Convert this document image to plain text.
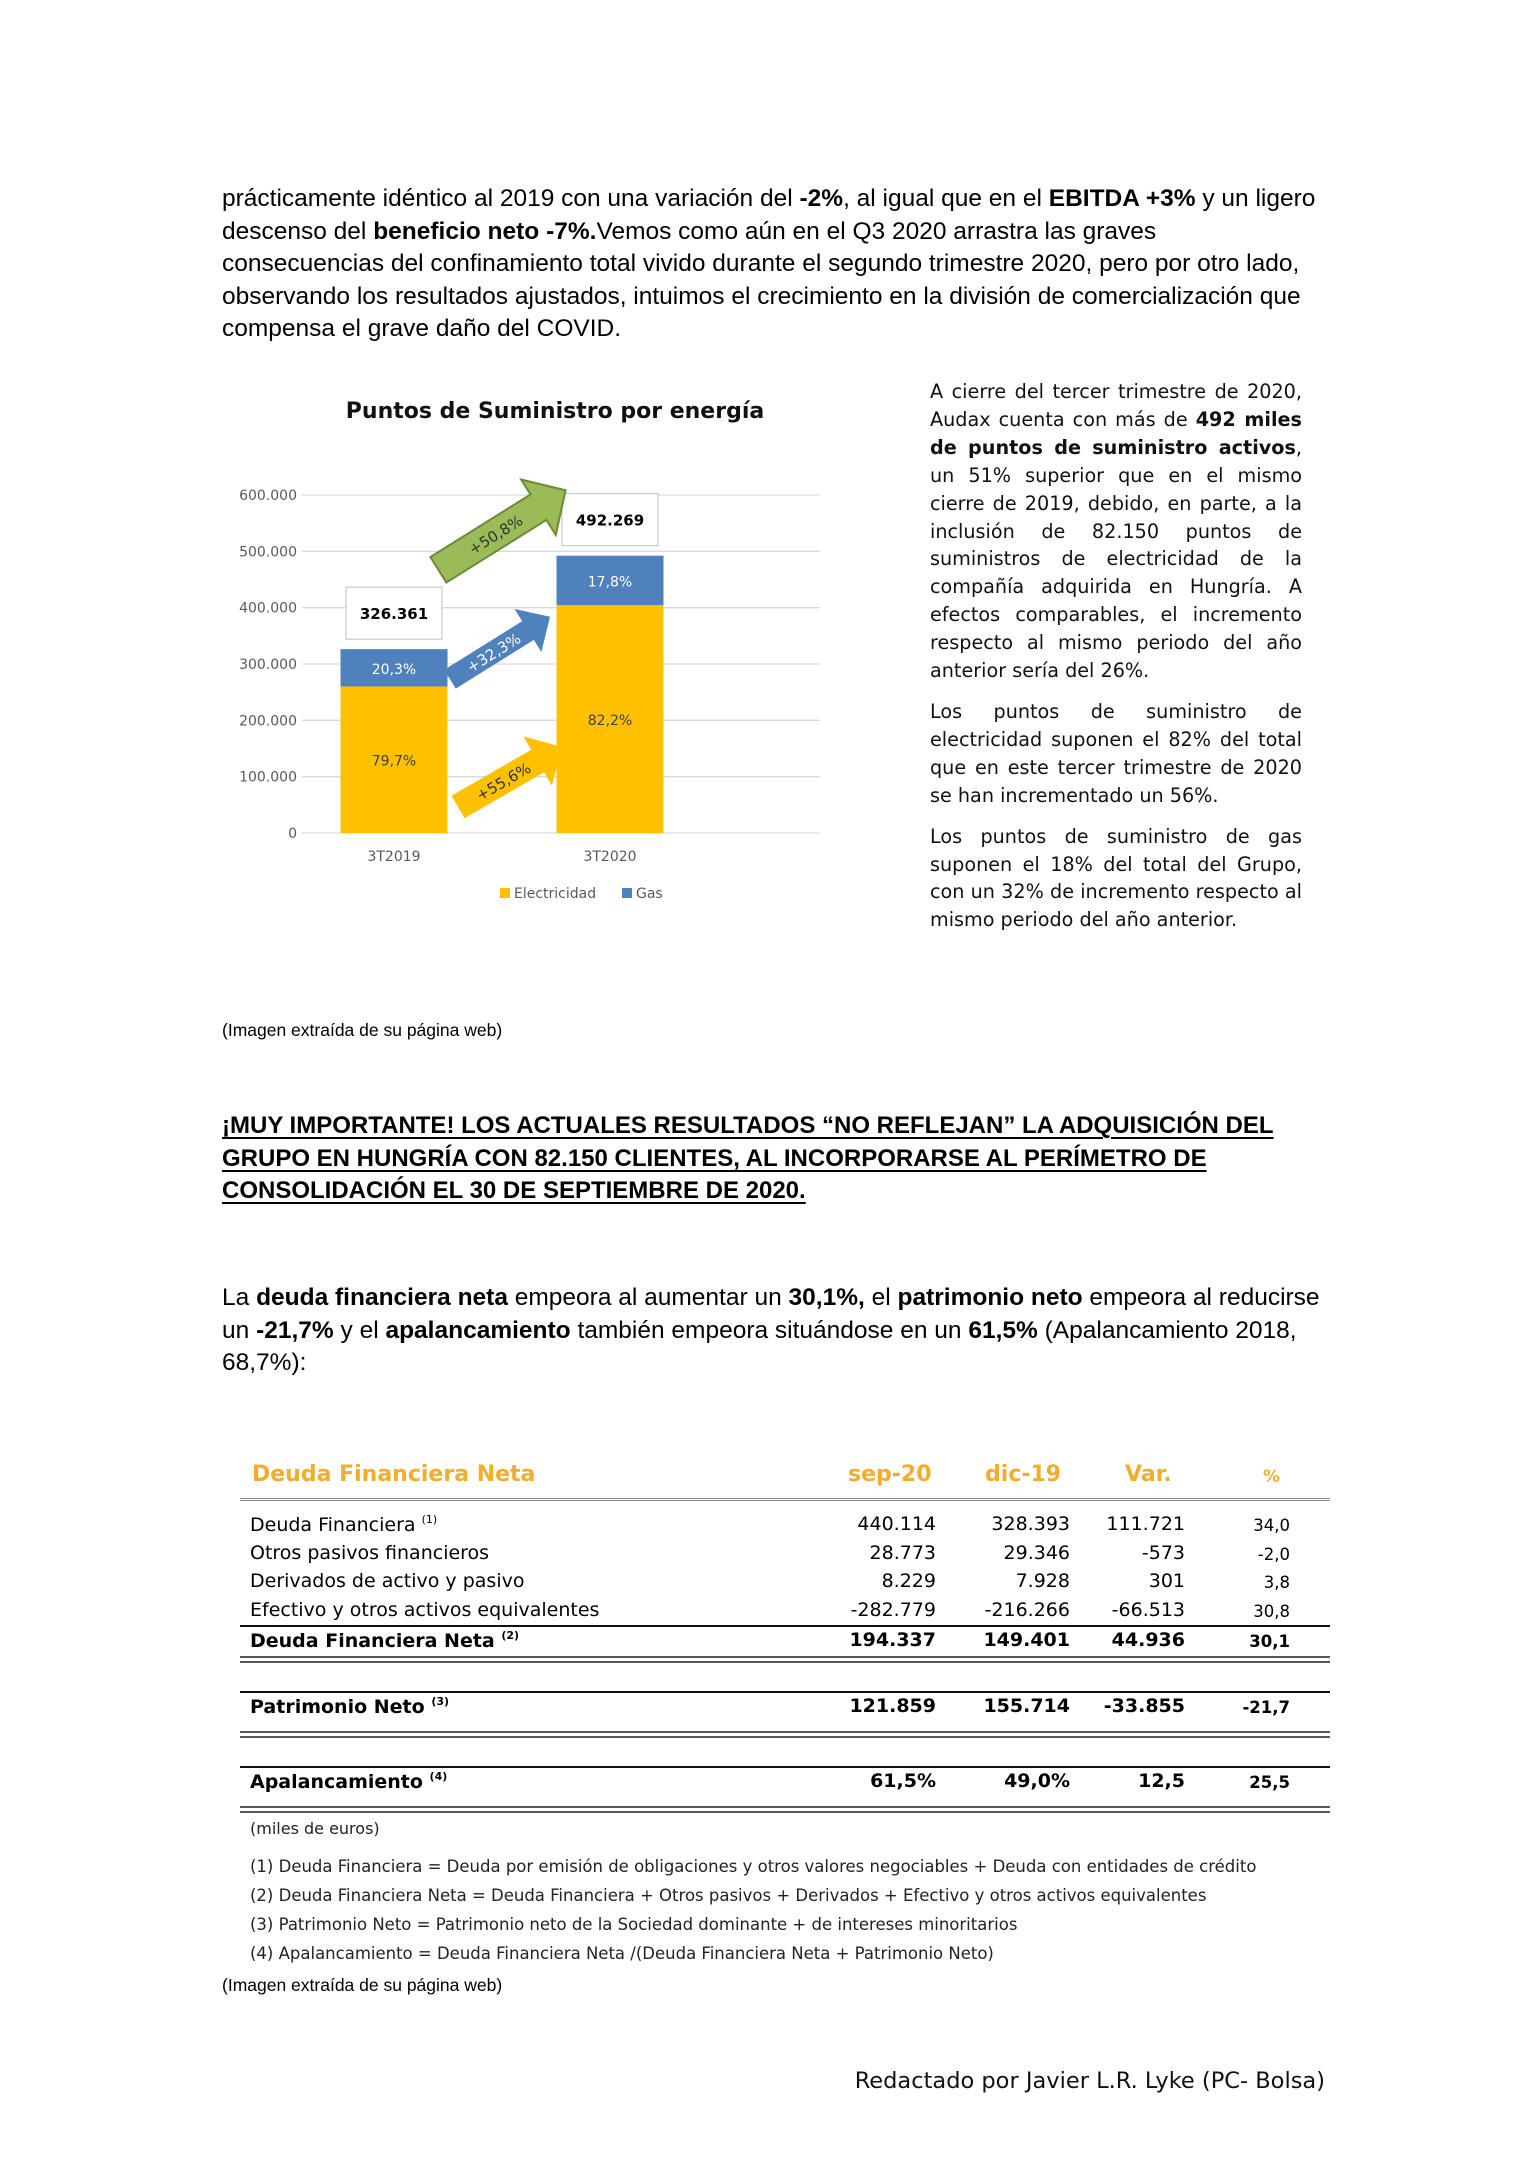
prácticamente idéntico al 2019 con una variación del -2%, al igual que en el EBITDA +3% y un ligero descenso del beneficio neto -7%.Vemos como aún en el Q3 2020 arrastra las graves consecuencias del confinamiento total vivido durante el segundo trimestre 2020, pero por otro lado, observando los resultados ajustados, intuimos el crecimiento en la división de comercialización que compensa el grave daño del COVID.
Puntos de Suministro por energía
0
100.000
200.000
300.000
400.000
500.000
600.000
79,7%
20,3%
326.361
82,2%
17,8%
492.269
+50,8%
+32,3%
+55,6%
3T2019	3T2020
Electricidad	Gas

A cierre del tercer trimestre de 2020, Audax cuenta con más de 492 miles de puntos de suministro activos, un 51% superior que en el mismo cierre de 2019, debido, en parte, a la inclusión de 82.150 puntos de suministros de electricidad de la compañía adquirida en Hungría. A efectos comparables, el incremento respecto al mismo periodo del año anterior sería del 26%.

Los puntos de suministro de electricidad suponen el 82% del total que en este tercer trimestre de 2020 se han incrementado un 56%.

Los puntos de suministro de gas suponen el 18% del total del Grupo, con un 32% de incremento respecto al mismo periodo del año anterior.

(Imagen extraída de su página web)
¡MUY IMPORTANTE! LOS ACTUALES RESULTADOS “NO REFLEJAN” LA ADQUISICIÓN DEL GRUPO EN HUNGRÍA CON 82.150 CLIENTES, AL INCORPORARSE AL PERÍMETRO DE CONSOLIDACIÓN EL 30 DE SEPTIEMBRE DE 2020.
La deuda financiera neta empeora al aumentar un 30,1%, el patrimonio neto empeora al reducirse un -21,7% y el apalancamiento también empeora situándose en un 61,5% (Apalancamiento 2018, 68,7%):
Deuda Financiera Neta	sep-20 dic-19	Var.	%
Deuda Financiera $^{(1)}$	440.114	328.393	111.721	34,0
Otros pasivos financieros	28.773	29.346	-573	-2,0
Derivados de activo y pasivo	8.229	7.928	301	3,8
Efectivo y otros activos equivalentes	-282.779	-216.266	-66.513	30,8
Deuda Financiera Neta $^{(2)}$	194.337	149.401	44.936	30,1
Patrimonio Neto $^{(3)}$	121.859	155.714	-33.855	-21,7
Apalancamiento $^{(4)}$	61,5%	49,0%	12,5	25,5
(miles de euros)
(1) Deuda Financiera = Deuda por emisión de obligaciones y otros valores negociables + Deuda con entidades de crédito
(2) Deuda Financiera Neta = Deuda Financiera + Otros pasivos + Derivados + Efectivo y otros activos equivalentes
(3) Patrimonio Neto = Patrimonio neto de la Sociedad dominante + de intereses minoritarios
(4) Apalancamiento = Deuda Financiera Neta /(Deuda Financiera Neta + Patrimonio Neto)
(Imagen extraída de su página web)
Redactado por Javier L.R. Lyke (PC- Bolsa)
